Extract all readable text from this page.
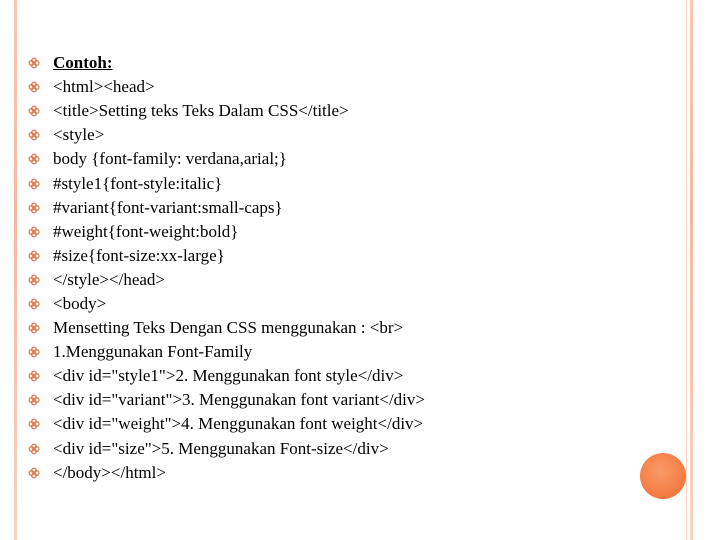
Contoh:
<html><head>
<title>Setting teks Teks Dalam CSS</title>
<style>
body {font-family: verdana,arial;}
#style1{font-style:italic}
#variant{font-variant:small-caps}
#weight{font-weight:bold}
#size{font-size:xx-large}
</style></head>
<body>
Mensetting Teks Dengan CSS menggunakan : <br>
1.Menggunakan Font-Family
<div id="style1">2. Menggunakan font style</div>
<div id="variant">3. Menggunakan font variant</div>
<div id="weight">4. Menggunakan font weight</div>
<div id="size">5. Menggunakan Font-size</div>
</body></html>
